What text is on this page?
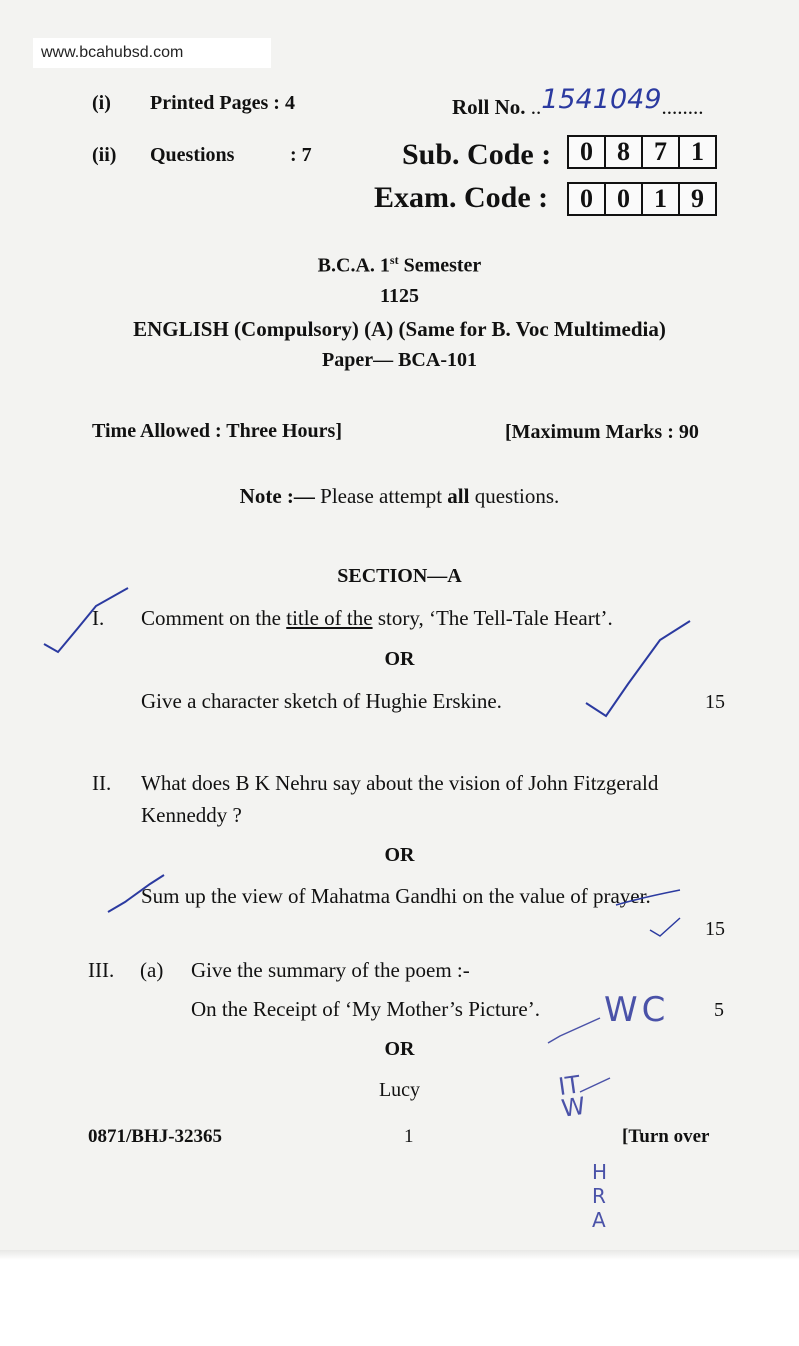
www.bcahubsd.com
(i) Printed Pages : 4
(ii) Questions	: 7
Roll No. ..1541049........
Sub. Code :	0 8 7 1
Exam. Code :	0 0 1 9
B.C.A. 1st Semester
1125
ENGLISH (Compulsory) (A) (Same for B. Voc Multimedia)
Paper— BCA-101
Time Allowed : Three Hours]	[Maximum Marks : 90
Note :— Please attempt all questions.
SECTION—A
I. Comment on the title of the story, ‘The Tell-Tale Heart’.
OR
Give a character sketch of Hughie Erskine.	15
II. What does B K Nehru say about the vision of John Fitzgerald
Kenneddy ?
OR
Sum up the view of Mahatma Gandhi on the value of prayer.
15
III. (a) Give the summary of the poem :-
On the Receipt of ‘My Mother’s Picture’.	5
OR
Lucy
0871/BHJ-32365	1	[Turn over
WC
ITW
HRA
